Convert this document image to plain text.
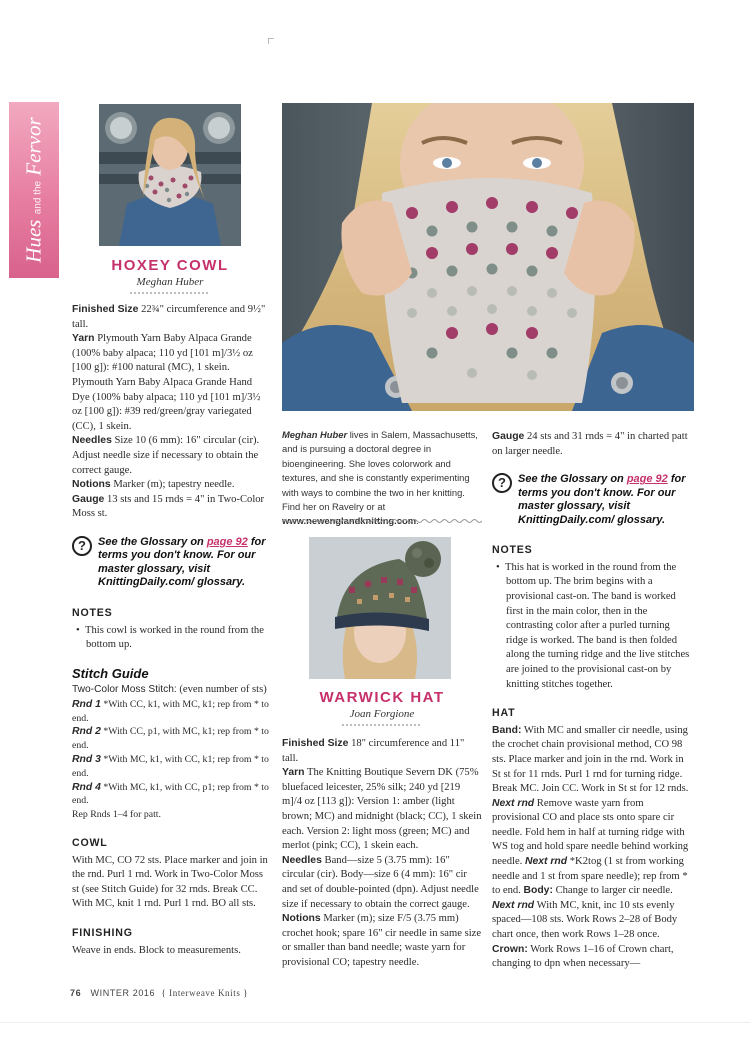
Hues and the Fervor
HOXEY COWL
Meghan Huber

Finished Size 22¾" circumference and 9½" tall.

Yarn Plymouth Yarn Baby Alpaca Grande (100% baby alpaca; 110 yd [101 m]/3½ oz [100 g]): #100 natural (MC), 1 skein. Plymouth Yarn Baby Alpaca Grande Hand Dye (100% baby alpaca; 110 yd [101 m]/3½ oz [100 g]): #39 red/green/gray variegated (CC), 1 skein.

Needles Size 10 (6 mm): 16" circular (cir). Adjust needle size if necessary to obtain the correct gauge.

Notions Marker (m); tapestry needle.

Gauge 13 sts and 15 rnds = 4" in Two-Color Moss st.

?	See the Glossary on page 92 for terms you don't know. For our master glossary, visit KnittingDaily.com/ glossary.
NOTES

•  This cowl is worked in the round from the bottom up.

Stitch Guide

Two-Color Moss Stitch: (even number of sts)

Rnd 1 *With CC, k1, with MC, k1; rep from * to end.

Rnd 2 *With CC, p1, with MC, k1; rep from * to end.

Rnd 3 *With MC, k1, with CC, k1; rep from * to end.

Rnd 4 *With MC, k1, with CC, p1; rep from * to end.

Rep Rnds 1–4 for patt.

COWL

With MC, CO 72 sts. Place marker and join in the rnd. Purl 1 rnd. Work in Two-Color Moss st (see Stitch Guide) for 32 rnds. Break CC. With MC, knit 1 rnd. Purl 1 rnd. BO all sts.

FINISHING

Weave in ends. Block to measurements.

Meghan Huber lives in Salem, Massachusetts, and is pursuing a doctoral degree in bioengineering. She loves colorwork and textures, and she is constantly experimenting with ways to combine the two in her knitting. Find her on Ravelry or at www.newenglandknitting.com.
WARWICK HAT
Joan Forgione

Finished Size 18" circumference and 11" tall.

Yarn The Knitting Boutique Severn DK (75% bluefaced leicester, 25% silk; 240 yd [219 m]/4 oz [113 g]): Version 1: amber (light brown; MC) and midnight (black; CC), 1 skein each. Version 2: light moss (green; MC) and merlot (pink; CC), 1 skein each.

Needles Band—size 5 (3.75 mm): 16" circular (cir). Body—size 6 (4 mm): 16" cir and set of double-pointed (dpn). Adjust needle size if necessary to obtain the correct gauge.

Notions Marker (m); size F/5 (3.75 mm) crochet hook; spare 16" cir needle in same size or smaller than band needle; waste yarn for provisional CO; tapestry needle.

Gauge 24 sts and 31 rnds = 4" in charted patt on larger needle.

?	See the Glossary on page 92 for terms you don't know. For our master glossary, visit KnittingDaily.com/ glossary.
NOTES

•  This hat is worked in the round from the bottom up. The brim begins with a provisional cast-on. The band is worked first in the main color, then in the contrasting color after a purled turning ridge is worked. The band is then folded along the turning ridge and the live stitches are joined to the provisional cast-on by knitting stitches together.

HAT

Band: With MC and smaller cir needle, using the crochet chain provisional method, CO 98 sts. Place marker and join in the rnd. Work in St st for 11 rnds. Purl 1 rnd for turning ridge. Break MC. Join CC. Work in St st for 12 rnds. Next rnd Remove waste yarn from provisional CO and place sts onto spare cir needle. Fold hem in half at turning ridge with WS tog and hold spare needle behind working needle. Next rnd *K2tog (1 st from working needle and 1 st from spare needle); rep from * to end. Body: Change to larger cir needle. Next rnd With MC, knit, inc 10 sts evenly spaced—108 sts. Work Rows 2–28 of Body chart once, then work Rows 1–28 once. Crown: Work Rows 1–16 of Crown chart, changing to dpn when necessary—

76 WINTER 2016 { Interweave Knits }
